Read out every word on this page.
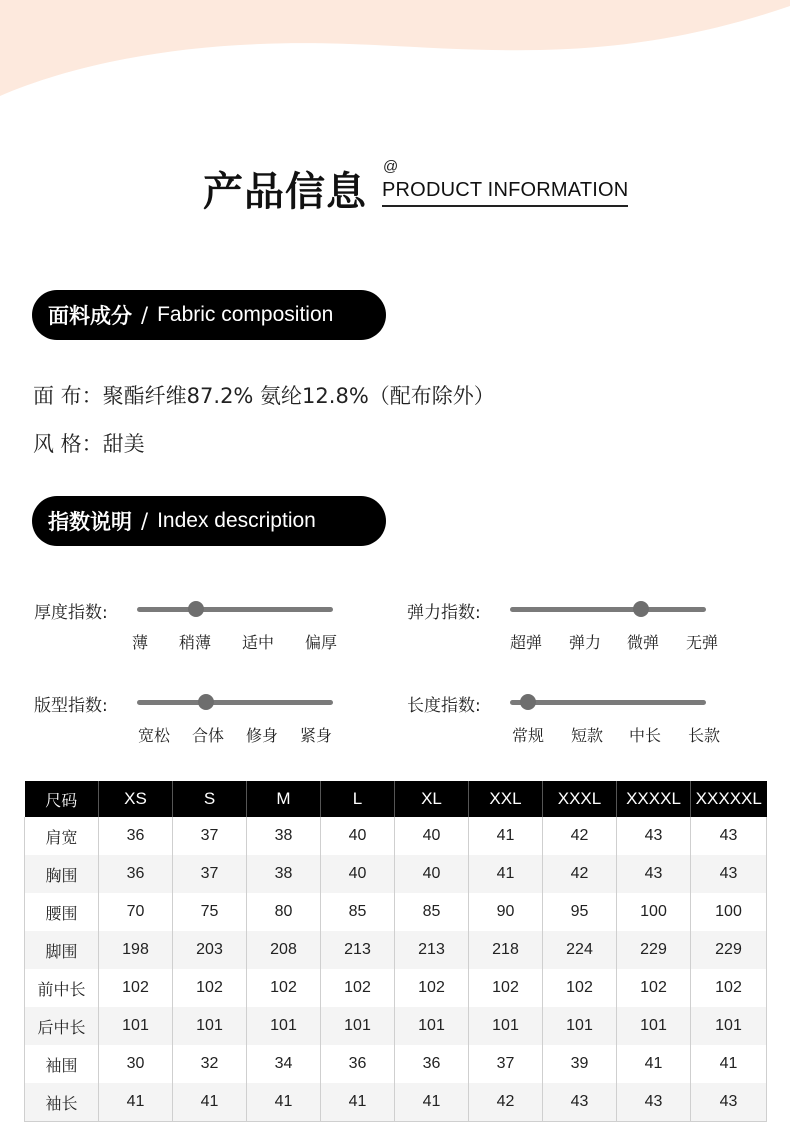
产品信息
@
PRODUCT INFORMATION
面料成分 / Fabric composition
面 布：聚酯纤维87.2% 氨纶12.8%（配布除外）
风 格：甜美
指数说明 / Index description
厚度指数:
薄 稍薄 适中 偏厚
弹力指数:
超弹 弹力 微弹 无弹
版型指数:
宽松 合体 修身 紧身
长度指数:
常规 短款 中长 长款
尺码	XS	S	M	L	XL	XXL	XXXL	XXXXL	XXXXXL
肩宽	36	37	38	40	40	41	42	43	43
胸围	36	37	38	40	40	41	42	43	43
腰围	70	75	80	85	85	90	95	100	100
脚围	198	203	208	213	213	218	224	229	229
前中长	102	102	102	102	102	102	102	102	102
后中长	101	101	101	101	101	101	101	101	101
袖围	30	32	34	36	36	37	39	41	41
袖长	41	41	41	41	41	42	43	43	43
